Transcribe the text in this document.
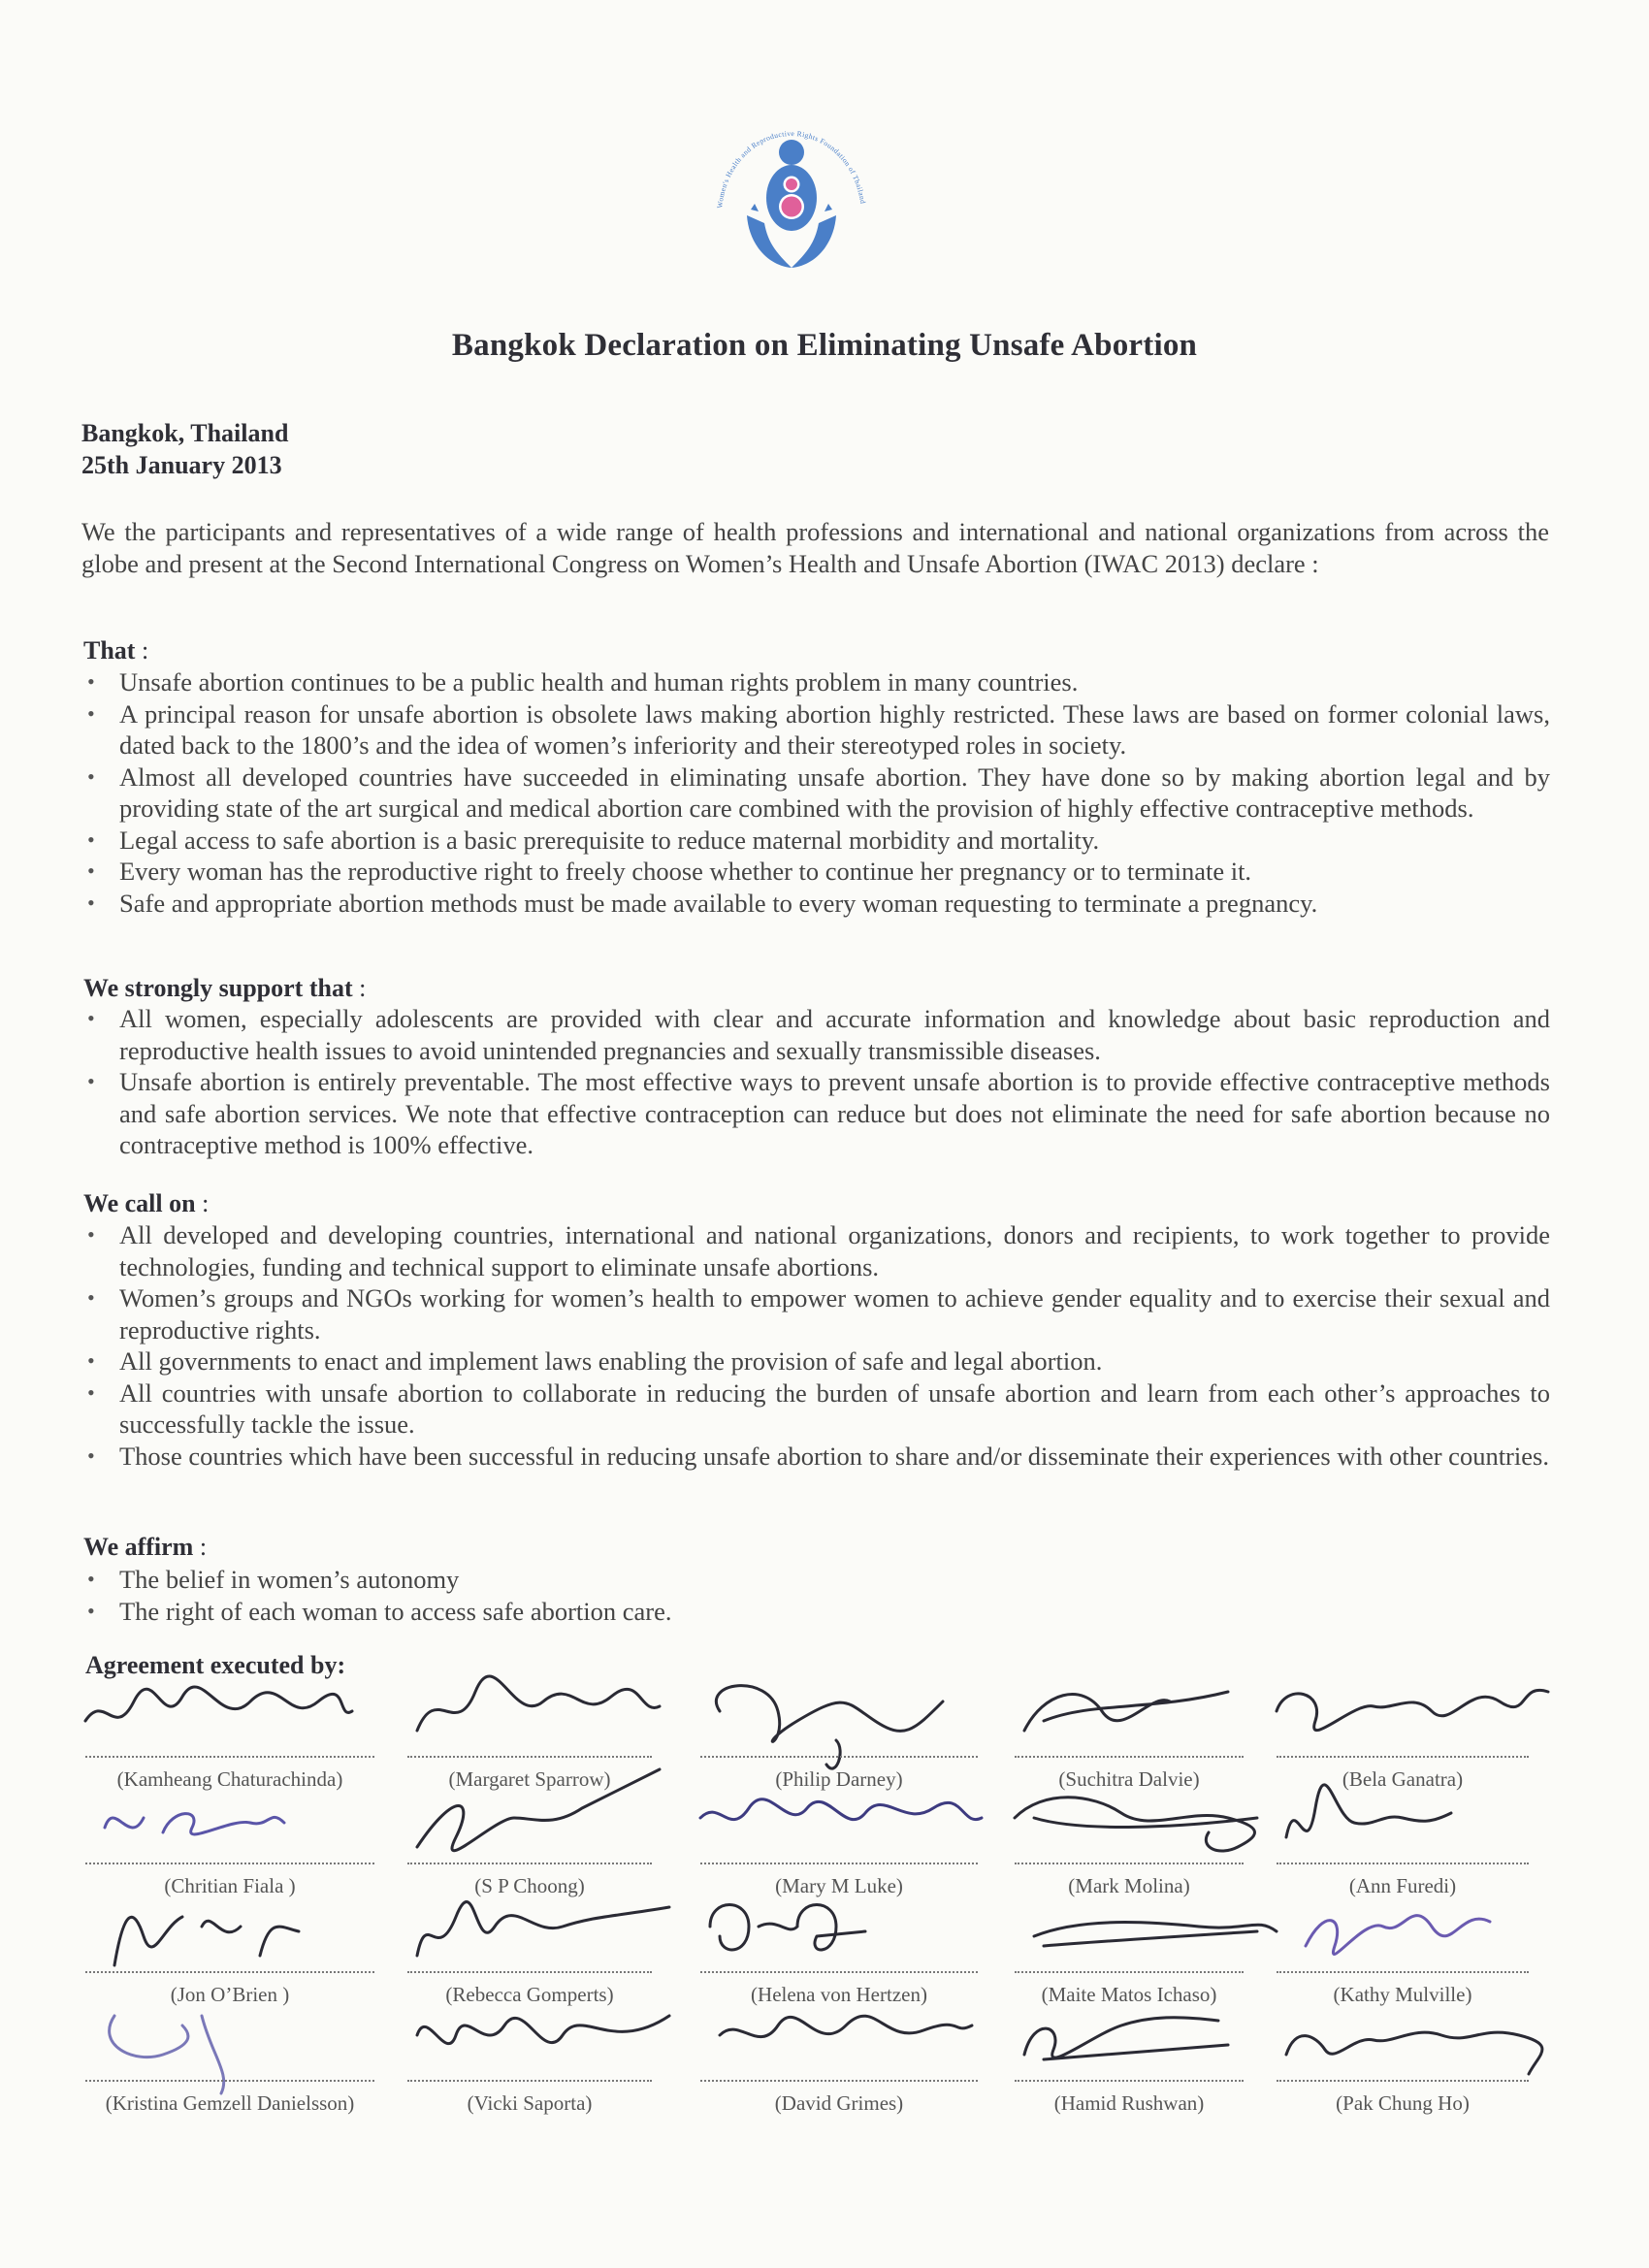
Women's Health and Reproductive Rights Foundation of Thailand
Bangkok Declaration on Eliminating Unsafe Abortion
Bangkok, Thailand
25th January 2013
We the participants and representatives of a wide range of health professions and international and national organizations from across the globe and present at the Second International Congress on Women’s Health and Unsafe Abortion (IWAC 2013) declare :
That :
• Unsafe abortion continues to be a public health and human rights problem in many countries.
• A principal reason for unsafe abortion is obsolete laws making abortion highly restricted. These laws are based on former colonial laws, dated back to the 1800’s and the idea of women’s inferiority and their stereotyped roles in society.
• Almost all developed countries have succeeded in eliminating unsafe abortion. They have done so by making abortion legal and by providing state of the art surgical and medical abortion care combined with the provision of highly effective contraceptive methods.
• Legal access to safe abortion is a basic prerequisite to reduce maternal morbidity and mortality.
• Every woman has the reproductive right to freely choose whether to continue her pregnancy or to terminate it.
• Safe and appropriate abortion methods must be made available to every woman requesting to terminate a pregnancy.
We strongly support that :
• All women, especially adolescents are provided with clear and accurate information and knowledge about basic reproduction and reproductive health issues to avoid unintended pregnancies and sexually transmissible diseases.
• Unsafe abortion is entirely preventable. The most effective ways to prevent unsafe abortion is to provide effective contraceptive methods and safe abortion services. We note that effective contraception can reduce but does not eliminate the need for safe abortion because no contraceptive method is 100% effective.
We call on :
• All developed and developing countries, international and national organizations, donors and recipients, to work together to provide technologies, funding and technical support to eliminate unsafe abortions.
• Women’s groups and NGOs working for women’s health to empower women to achieve gender equality and to exercise their sexual and reproductive rights.
• All governments to enact and implement laws enabling the provision of safe and legal abortion.
• All countries with unsafe abortion to collaborate in reducing the burden of unsafe abortion and learn from each other’s approaches to successfully tackle the issue.
• Those countries which have been successful in reducing unsafe abortion to share and/or disseminate their experiences with other countries.
We affirm :
• The belief in women’s autonomy
• The right of each woman to access safe abortion care.
Agreement executed by:
(Kamheang Chaturachinda)	(Margaret Sparrow)	(Philip Darney)	(Suchitra Dalvie)	(Bela Ganatra)
(Chritian Fiala )	(S P Choong)	(Mary M Luke)	(Mark Molina)	(Ann Furedi)
(Jon O’Brien )	(Rebecca Gomperts)	(Helena von Hertzen)	(Maite Matos Ichaso)	(Kathy Mulville)
(Kristina Gemzell Danielsson)	(Vicki Saporta)	(David Grimes)	(Hamid Rushwan)	(Pak Chung Ho)
